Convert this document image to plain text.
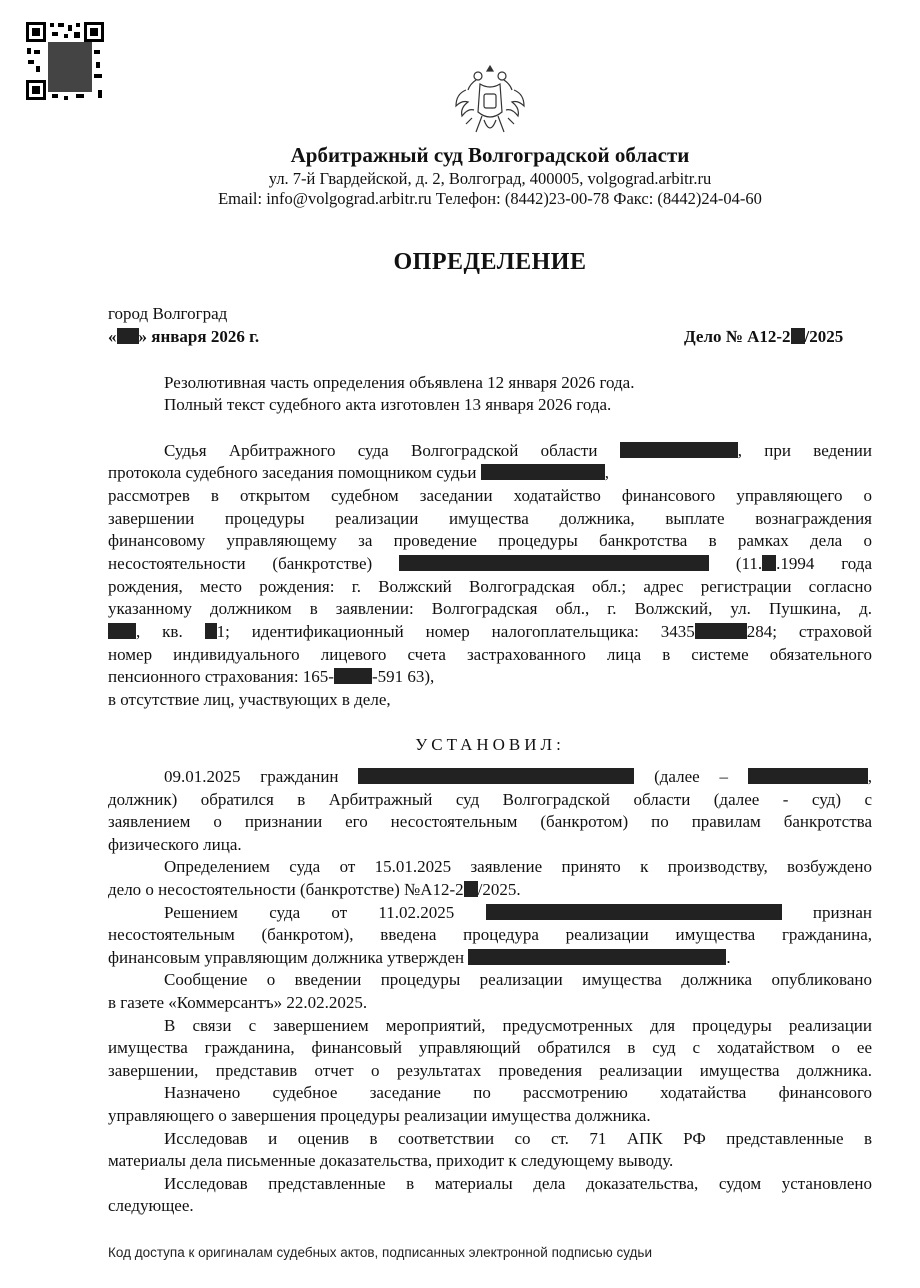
Арбитражный суд Волгоградской области
ул. 7-й Гвардейской, д. 2, Волгоград, 400005, volgograd.arbitr.ru
Email: info@volgograd.arbitr.ru Телефон: (8442)23-00-78 Факс: (8442)24-04-60
ОПРЕДЕЛЕНИЕ
город Волгоград
« » января 2026 г.	Дело № А12-2 /2025
Резолютивная часть определения объявлена 12 января 2026 года.
Полный текст судебного акта изготовлен 13 января 2026 года.
Судья Арбитражного суда Волгоградской области	, при ведении
протокола судебного заседания помощником судьи	,
рассмотрев в открытом судебном заседании ходатайство финансового управляющего о
завершении процедуры реализации имущества должника, выплате вознаграждения
финансовому управляющему за проведение процедуры банкротства в рамках дела о
несостоятельности (банкротстве)	(11. .1994 года
рождения, место рождения: г. Волжский Волгоградская обл.; адрес регистрации согласно
указанному должником в заявлении: Волгоградская обл., г. Волжский, ул. Пушкина, д.
, кв. 1; идентификационный номер налогоплательщика: 3435	284; страховой
номер индивидуального лицевого счета застрахованного лица в системе обязательного
пенсионного страхования: 165- -591 63),
в отсутствие лиц, участвующих в деле,
УСТАНОВИЛ:
09.01.2025 гражданин	(далее –	,
должник) обратился в Арбитражный суд Волгоградской области (далее - суд) с
заявлением о признании его несостоятельным (банкротом) по правилам банкротства
физического лица.
Определением суда от 15.01.2025 заявление принято к производству, возбуждено
дело о несостоятельности (банкротстве) №А12-2 /2025.
Решением суда от 11.02.2025	признан
несостоятельным (банкротом), введена процедура реализации имущества гражданина,
финансовым управляющим должника утвержден	.
Сообщение о введении процедуры реализации имущества должника опубликовано
в газете «Коммерсантъ» 22.02.2025.
В связи с завершением мероприятий, предусмотренных для процедуры реализации
имущества гражданина, финансовый управляющий обратился в суд с ходатайством о ее
завершении, представив отчет о результатах проведения реализации имущества должника.
Назначено судебное заседание по рассмотрению ходатайства финансового
управляющего о завершения процедуры реализации имущества должника.
Исследовав и оценив в соответствии со ст. 71 АПК РФ представленные в
материалы дела письменные доказательства, приходит к следующему выводу.
Исследовав представленные в материалы дела доказательства, судом установлено
следующее.
Код доступа к оригиналам судебных актов, подписанных электронной подписью судьи
